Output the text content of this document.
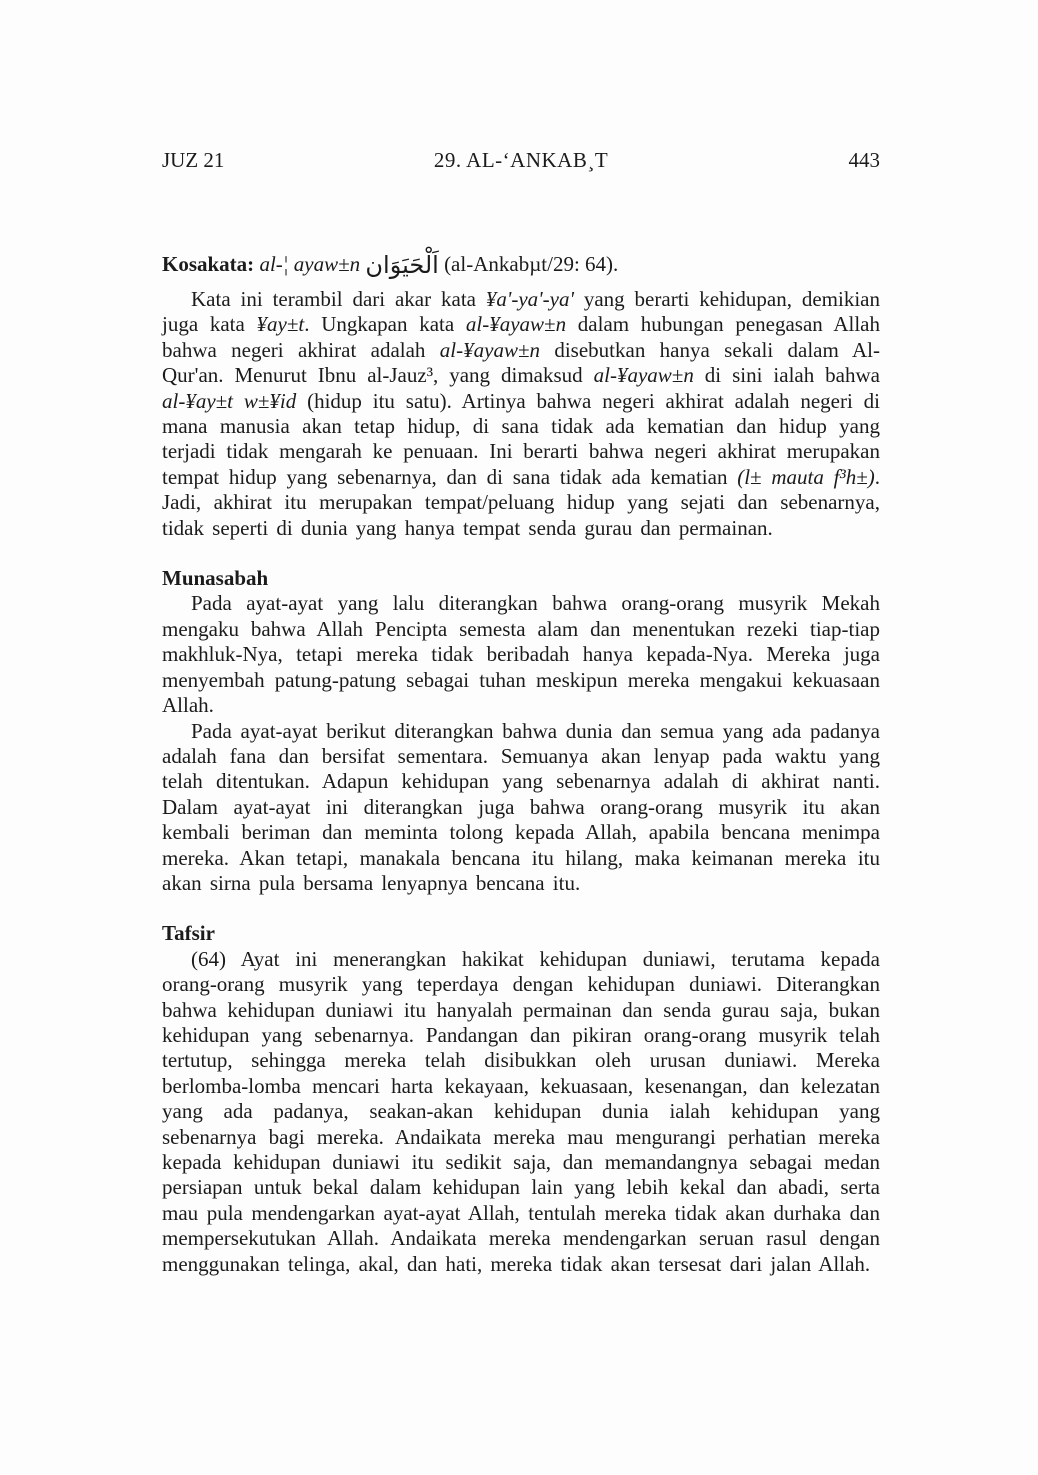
JUZ 21	29. AL-‘ANKAB¸T	443

Kosakata: al-¦ ayaw±n اَلْحَيَوَان (al-Ankabµt/29: 64).

Kata ini terambil dari akar kata ¥a'-ya'-ya' yang berarti kehidupan, demikian juga kata ¥ay±t. Ungkapan kata al-¥ayaw±n dalam hubungan penegasan Allah bahwa negeri akhirat adalah al-¥ayaw±n disebutkan hanya sekali dalam Al-Qur'an. Menurut Ibnu al-Jauz³, yang dimaksud al-¥ayaw±n di sini ialah bahwa al-¥ay±t w±¥id (hidup itu satu). Artinya bahwa negeri akhirat adalah negeri di mana manusia akan tetap hidup, di sana tidak ada kematian dan hidup yang terjadi tidak mengarah ke penuaan. Ini berarti bahwa negeri akhirat merupakan tempat hidup yang sebenarnya, dan di sana tidak ada kematian (l± mauta f³h±). Jadi, akhirat itu merupakan tempat/peluang hidup yang sejati dan sebenarnya, tidak seperti di dunia yang hanya tempat senda gurau dan permainan.

Munasabah

Pada ayat-ayat yang lalu diterangkan bahwa orang-orang musyrik Mekah mengaku bahwa Allah Pencipta semesta alam dan menentukan rezeki tiap-tiap makhluk-Nya, tetapi mereka tidak beribadah hanya kepada-Nya. Mereka juga menyembah patung-patung sebagai tuhan meskipun mereka mengakui kekuasaan Allah.

Pada ayat-ayat berikut diterangkan bahwa dunia dan semua yang ada padanya adalah fana dan bersifat sementara. Semuanya akan lenyap pada waktu yang telah ditentukan. Adapun kehidupan yang sebenarnya adalah di akhirat nanti. Dalam ayat-ayat ini diterangkan juga bahwa orang-orang musyrik itu akan kembali beriman dan meminta tolong kepada Allah, apabila bencana menimpa mereka. Akan tetapi, manakala bencana itu hilang, maka keimanan mereka itu akan sirna pula bersama lenyapnya bencana itu.

Tafsir

(64) Ayat ini menerangkan hakikat kehidupan duniawi, terutama kepada orang-orang musyrik yang teperdaya dengan kehidupan duniawi. Diterangkan bahwa kehidupan duniawi itu hanyalah permainan dan senda gurau saja, bukan kehidupan yang sebenarnya. Pandangan dan pikiran orang-orang musyrik telah tertutup, sehingga mereka telah disibukkan oleh urusan duniawi. Mereka berlomba-lomba mencari harta kekayaan, kekuasaan, kesenangan, dan kelezatan yang ada padanya, seakan-akan kehidupan dunia ialah kehidupan yang sebenarnya bagi mereka. Andaikata mereka mau mengurangi perhatian mereka kepada kehidupan duniawi itu sedikit saja, dan memandangnya sebagai medan persiapan untuk bekal dalam kehidupan lain yang lebih kekal dan abadi, serta mau pula mendengarkan ayat-ayat Allah, tentulah mereka tidak akan durhaka dan mempersekutukan Allah. Andaikata mereka mendengarkan seruan rasul dengan menggunakan telinga, akal, dan hati, mereka tidak akan tersesat dari jalan Allah.
